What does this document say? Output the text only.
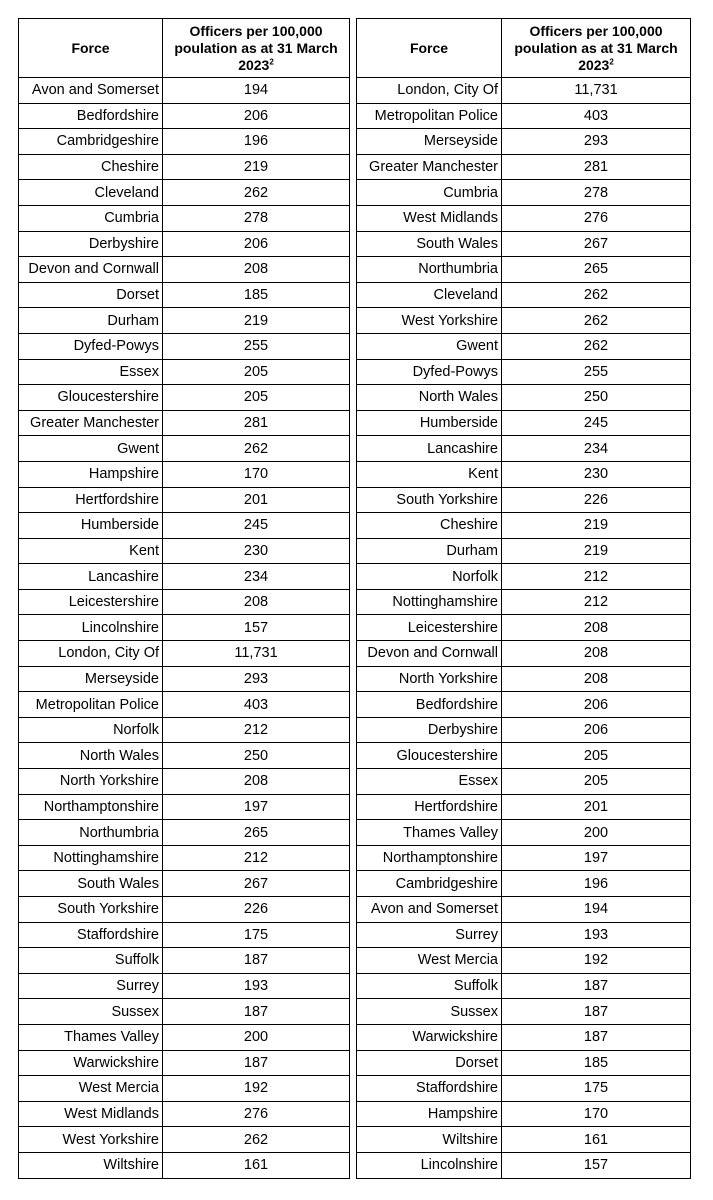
Force	Officers per 100,000 poulation as at 31 March 2023$^2$
Avon and Somerset	194
Bedfordshire	206
Cambridgeshire	196
Cheshire	219
Cleveland	262
Cumbria	278
Derbyshire	206
Devon and Cornwall	208
Dorset	185
Durham	219
Dyfed-Powys	255
Essex	205
Gloucestershire	205
Greater Manchester	281
Gwent	262
Hampshire	170
Hertfordshire	201
Humberside	245
Kent	230
Lancashire	234
Leicestershire	208
Lincolnshire	157
London, City Of	11,731
Merseyside	293
Metropolitan Police	403
Norfolk	212
North Wales	250
North Yorkshire	208
Northamptonshire	197
Northumbria	265
Nottinghamshire	212
South Wales	267
South Yorkshire	226
Staffordshire	175
Suffolk	187
Surrey	193
Sussex	187
Thames Valley	200
Warwickshire	187
West Mercia	192
West Midlands	276
West Yorkshire	262
Wiltshire	161
Force	Officers per 100,000 poulation as at 31 March 2023$^2$
London, City Of	11,731
Metropolitan Police	403
Merseyside	293
Greater Manchester	281
Cumbria	278
West Midlands	276
South Wales	267
Northumbria	265
Cleveland	262
West Yorkshire	262
Gwent	262
Dyfed-Powys	255
North Wales	250
Humberside	245
Lancashire	234
Kent	230
South Yorkshire	226
Cheshire	219
Durham	219
Norfolk	212
Nottinghamshire	212
Leicestershire	208
Devon and Cornwall	208
North Yorkshire	208
Bedfordshire	206
Derbyshire	206
Gloucestershire	205
Essex	205
Hertfordshire	201
Thames Valley	200
Northamptonshire	197
Cambridgeshire	196
Avon and Somerset	194
Surrey	193
West Mercia	192
Suffolk	187
Sussex	187
Warwickshire	187
Dorset	185
Staffordshire	175
Hampshire	170
Wiltshire	161
Lincolnshire	157
